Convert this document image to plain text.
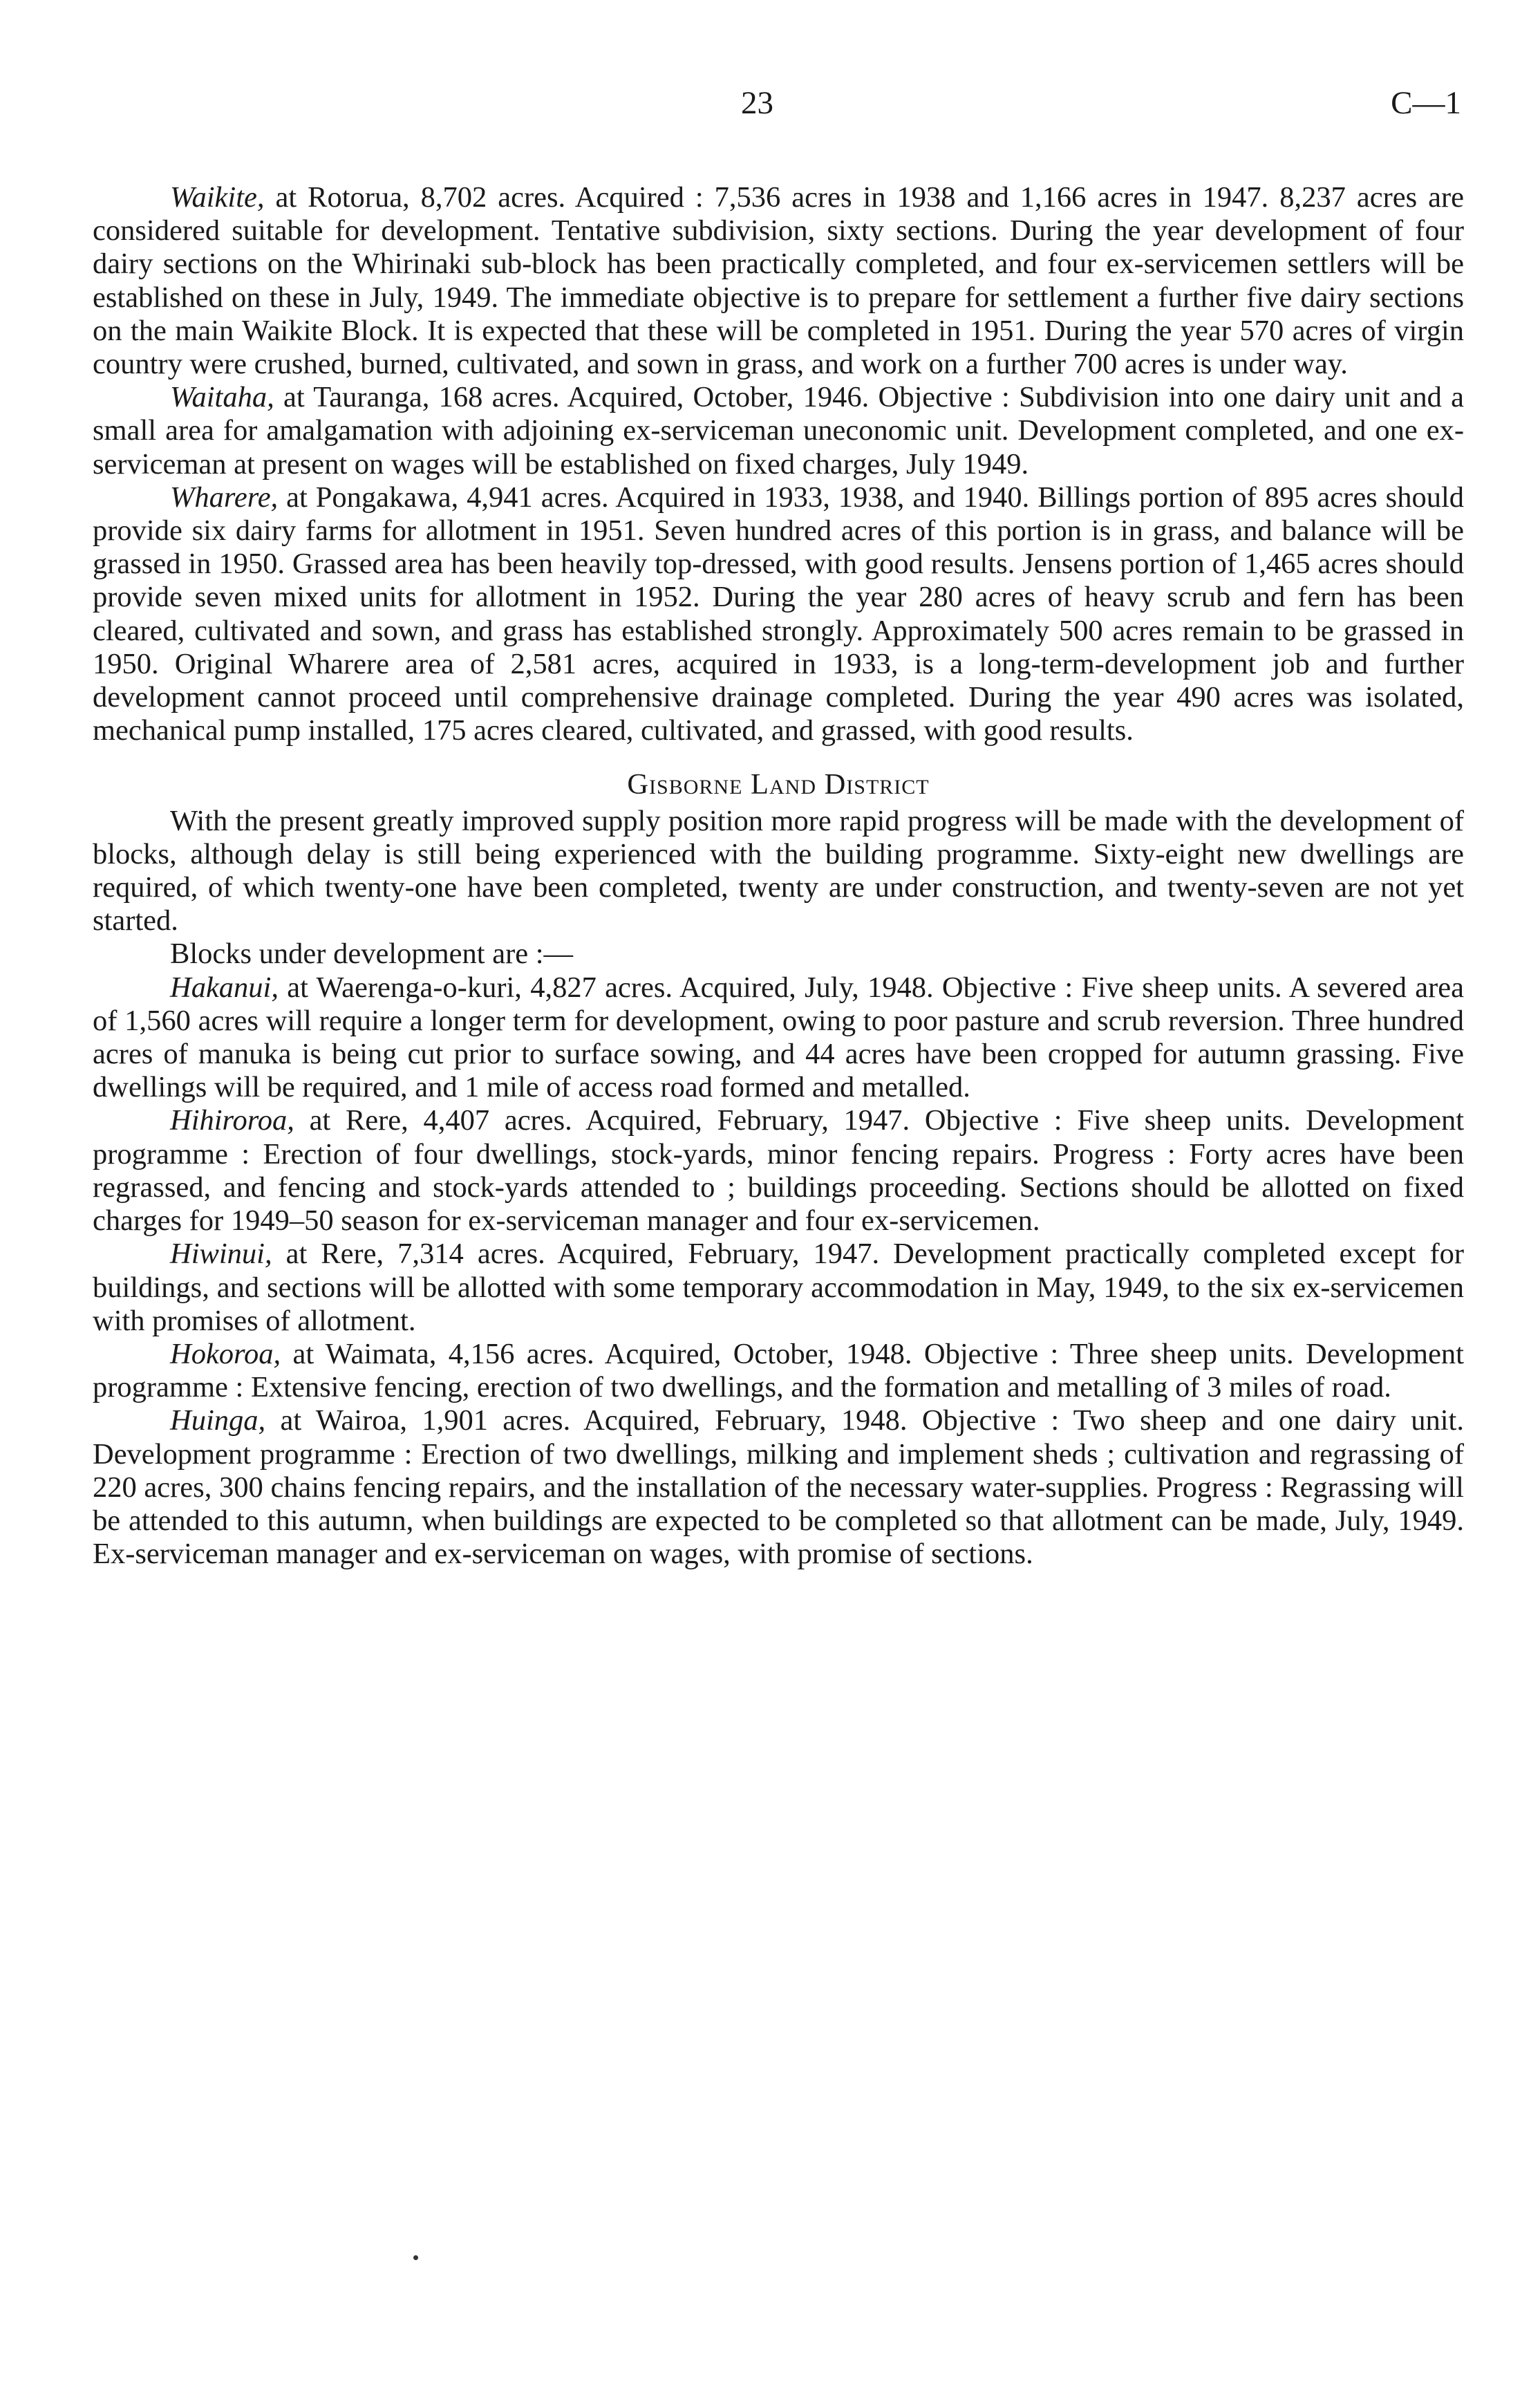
23	C—1

Waikite, at Rotorua, 8,702 acres. Acquired : 7,536 acres in 1938 and 1,166 acres in 1947. 8,237 acres are considered suitable for development. Tentative subdivision, sixty sections. During the year development of four dairy sections on the Whirinaki sub-block has been practically completed, and four ex-servicemen settlers will be established on these in July, 1949. The immediate objective is to prepare for settlement a further five dairy sections on the main Waikite Block. It is expected that these will be completed in 1951. During the year 570 acres of virgin country were crushed, burned, cultivated, and sown in grass, and work on a further 700 acres is under way.

Waitaha, at Tauranga, 168 acres. Acquired, October, 1946. Objective : Subdivision into one dairy unit and a small area for amalgamation with adjoining ex-serviceman uneconomic unit. Development completed, and one ex-serviceman at present on wages will be established on fixed charges, July 1949.

Wharere, at Pongakawa, 4,941 acres. Acquired in 1933, 1938, and 1940. Billings portion of 895 acres should provide six dairy farms for allotment in 1951. Seven hundred acres of this portion is in grass, and balance will be grassed in 1950. Grassed area has been heavily top-dressed, with good results. Jensens portion of 1,465 acres should provide seven mixed units for allotment in 1952. During the year 280 acres of heavy scrub and fern has been cleared, cultivated and sown, and grass has established strongly. Approximately 500 acres remain to be grassed in 1950. Original Wharere area of 2,581 acres, acquired in 1933, is a long-term-development job and further development cannot proceed until comprehensive drainage completed. During the year 490 acres was isolated, mechanical pump installed, 175 acres cleared, cultivated, and grassed, with good results.

Gisborne Land District

With the present greatly improved supply position more rapid progress will be made with the development of blocks, although delay is still being experienced with the building programme. Sixty-eight new dwellings are required, of which twenty-one have been completed, twenty are under construction, and twenty-seven are not yet started.

Blocks under development are :—

Hakanui, at Waerenga-o-kuri, 4,827 acres. Acquired, July, 1948. Objective : Five sheep units. A severed area of 1,560 acres will require a longer term for development, owing to poor pasture and scrub reversion. Three hundred acres of manuka is being cut prior to surface sowing, and 44 acres have been cropped for autumn grassing. Five dwellings will be required, and 1 mile of access road formed and metalled.

Hihiroroa, at Rere, 4,407 acres. Acquired, February, 1947. Objective : Five sheep units. Development programme : Erection of four dwellings, stock-yards, minor fencing repairs. Progress : Forty acres have been regrassed, and fencing and stock-yards attended to ; buildings proceeding. Sections should be allotted on fixed charges for 1949–50 season for ex-serviceman manager and four ex-servicemen.

Hiwinui, at Rere, 7,314 acres. Acquired, February, 1947. Development practically completed except for buildings, and sections will be allotted with some temporary accommodation in May, 1949, to the six ex-servicemen with promises of allotment.

Hokoroa, at Waimata, 4,156 acres. Acquired, October, 1948. Objective : Three sheep units. Development programme : Extensive fencing, erection of two dwellings, and the formation and metalling of 3 miles of road.

Huinga, at Wairoa, 1,901 acres. Acquired, February, 1948. Objective : Two sheep and one dairy unit. Development programme : Erection of two dwellings, milking and implement sheds ; cultivation and regrassing of 220 acres, 300 chains fencing repairs, and the installation of the necessary water-supplies. Progress : Regrassing will be attended to this autumn, when buildings are expected to be completed so that allotment can be made, July, 1949. Ex-serviceman manager and ex-serviceman on wages, with promise of sections.
